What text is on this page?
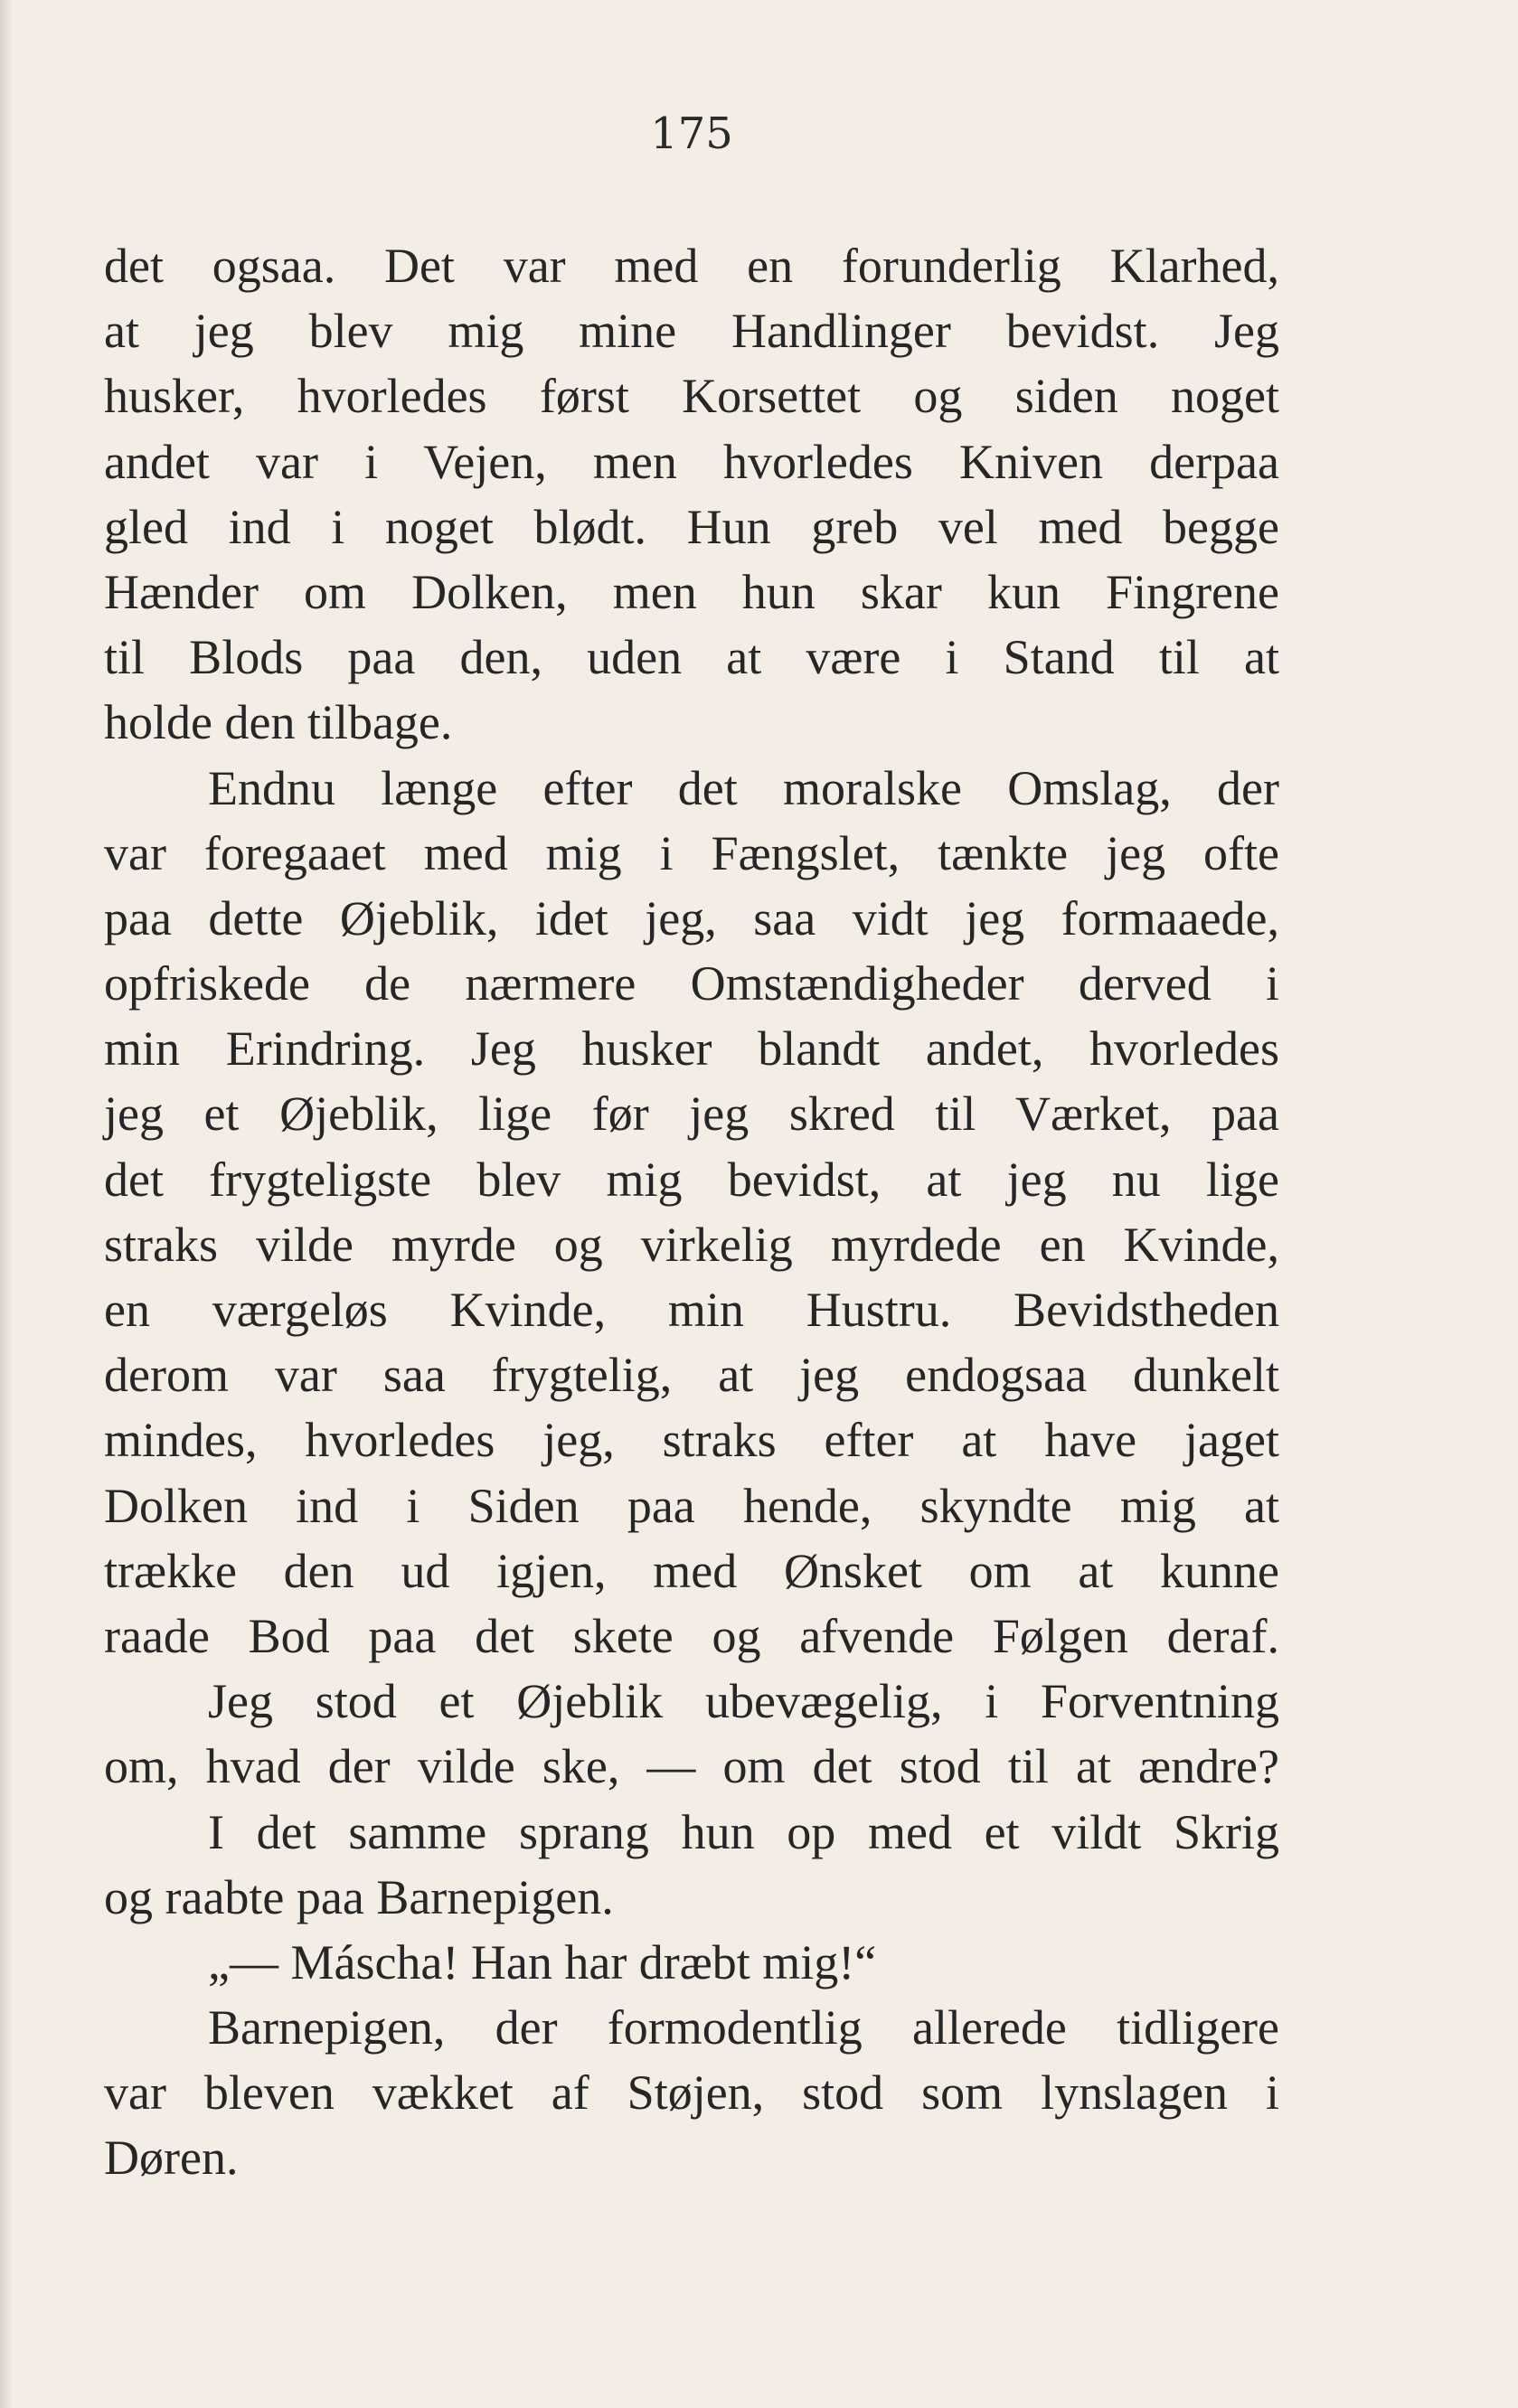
175
det ogsaa. Det var med en forunderlig Klarhed,
at jeg blev mig mine Handlinger bevidst. Jeg
husker, hvorledes først Korsettet og siden noget
andet var i Vejen, men hvorledes Kniven derpaa
gled ind i noget blødt. Hun greb vel med begge
Hænder om Dolken, men hun skar kun Fingrene
til Blods paa den, uden at være i Stand til at
holde den tilbage.
Endnu længe efter det moralske Omslag, der
var foregaaet med mig i Fængslet, tænkte jeg ofte
paa dette Øjeblik, idet jeg, saa vidt jeg formaaede,
opfriskede de nærmere Omstændigheder derved i
min Erindring. Jeg husker blandt andet, hvorledes
jeg et Øjeblik, lige før jeg skred til Værket, paa
det frygteligste blev mig bevidst, at jeg nu lige
straks vilde myrde og virkelig myrdede en Kvinde,
en værgeløs Kvinde, min Hustru. Bevidstheden
derom var saa frygtelig, at jeg endogsaa dunkelt
mindes, hvorledes jeg, straks efter at have jaget
Dolken ind i Siden paa hende, skyndte mig at
trække den ud igjen, med Ønsket om at kunne
raade Bod paa det skete og afvende Følgen deraf.
Jeg stod et Øjeblik ubevægelig, i Forventning
om, hvad der vilde ske, — om det stod til at ændre?
I det samme sprang hun op med et vildt Skrig
og raabte paa Barnepigen.
„— Máscha! Han har dræbt mig!“
Barnepigen, der formodentlig allerede tidligere
var bleven vækket af Støjen, stod som lynslagen i
Døren.
